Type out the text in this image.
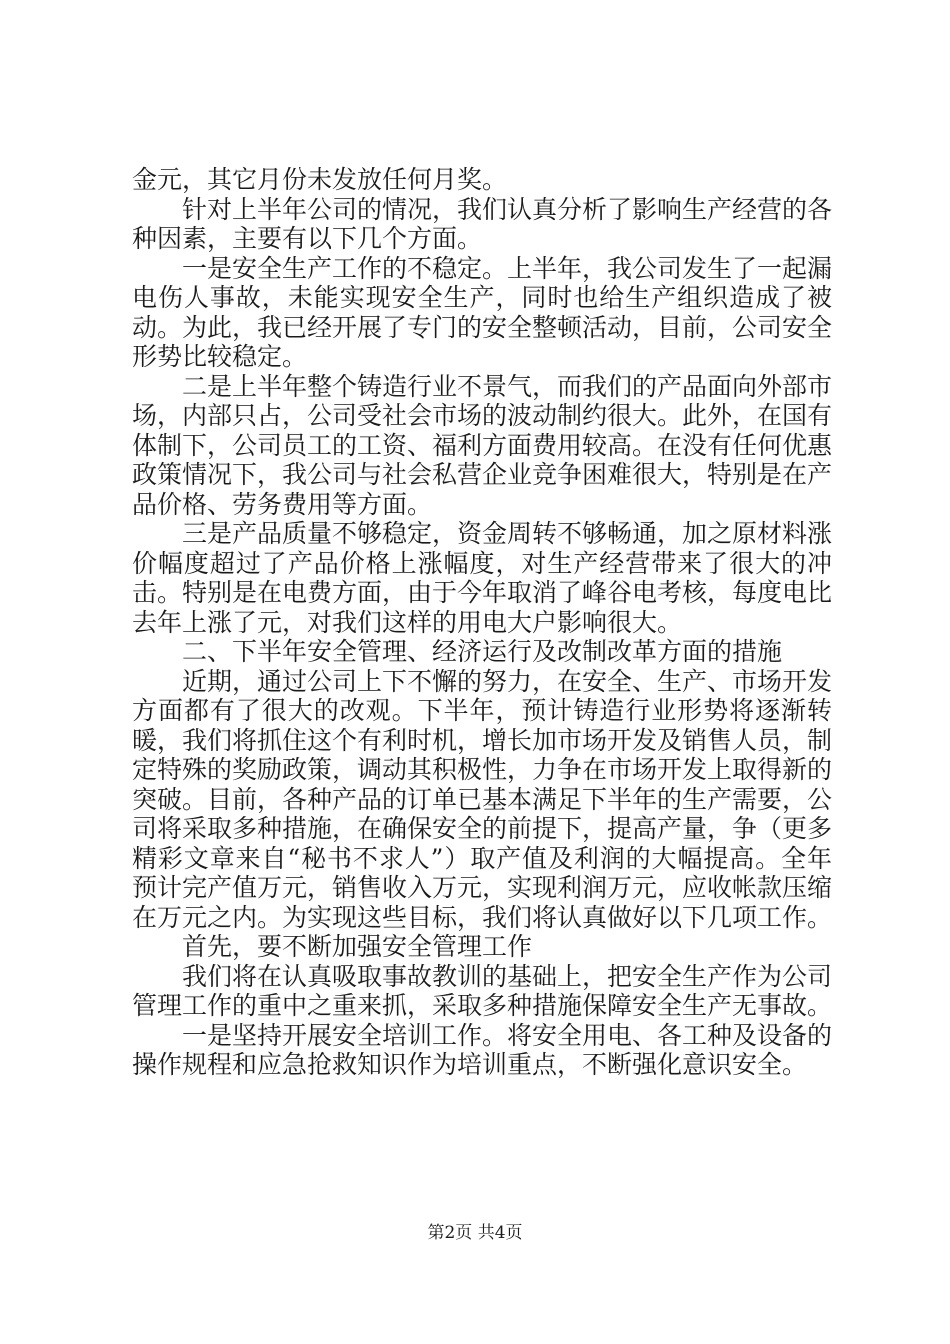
金元，其它月份未发放任何月奖。

针对上半年公司的情况，我们认真分析了影响生产经营的各种因素，主要有以下几个方面。

一是安全生产工作的不稳定。上半年，我公司发生了一起漏电伤人事故，未能实现安全生产，同时也给生产组织造成了被动。为此，我已经开展了专门的安全整顿活动，目前，公司安全形势比较稳定。

二是上半年整个铸造行业不景气，而我们的产品面向外部市场，内部只占，公司受社会市场的波动制约很大。此外，在国有体制下，公司员工的工资、福利方面费用较高。在没有任何优惠政策情况下，我公司与社会私营企业竞争困难很大，特别是在产品价格、劳务费用等方面。

三是产品质量不够稳定，资金周转不够畅通，加之原材料涨价幅度超过了产品价格上涨幅度，对生产经营带来了很大的冲击。特别是在电费方面，由于今年取消了峰谷电考核，每度电比去年上涨了元，对我们这样的用电大户影响很大。

二、下半年安全管理、经济运行及改制改革方面的措施

近期，通过公司上下不懈的努力，在安全、生产、市场开发方面都有了很大的改观。下半年，预计铸造行业形势将逐渐转暖，我们将抓住这个有利时机，增长加市场开发及销售人员，制定特殊的奖励政策，调动其积极性，力争在市场开发上取得新的突破。目前，各种产品的订单已基本满足下半年的生产需要，公司将采取多种措施，在确保安全的前提下，提高产量，争（更多精彩文章来自“秘书不求人”）取产值及利润的大幅提高。全年预计完产值万元，销售收入万元，实现利润万元，应收帐款压缩在万元之内。为实现这些目标，我们将认真做好以下几项工作。

首先，要不断加强安全管理工作

我们将在认真吸取事故教训的基础上，把安全生产作为公司管理工作的重中之重来抓，采取多种措施保障安全生产无事故。

一是坚持开展安全培训工作。将安全用电、各工种及设备的操作规程和应急抢救知识作为培训重点，不断强化意识安全。

第2页 共4页
